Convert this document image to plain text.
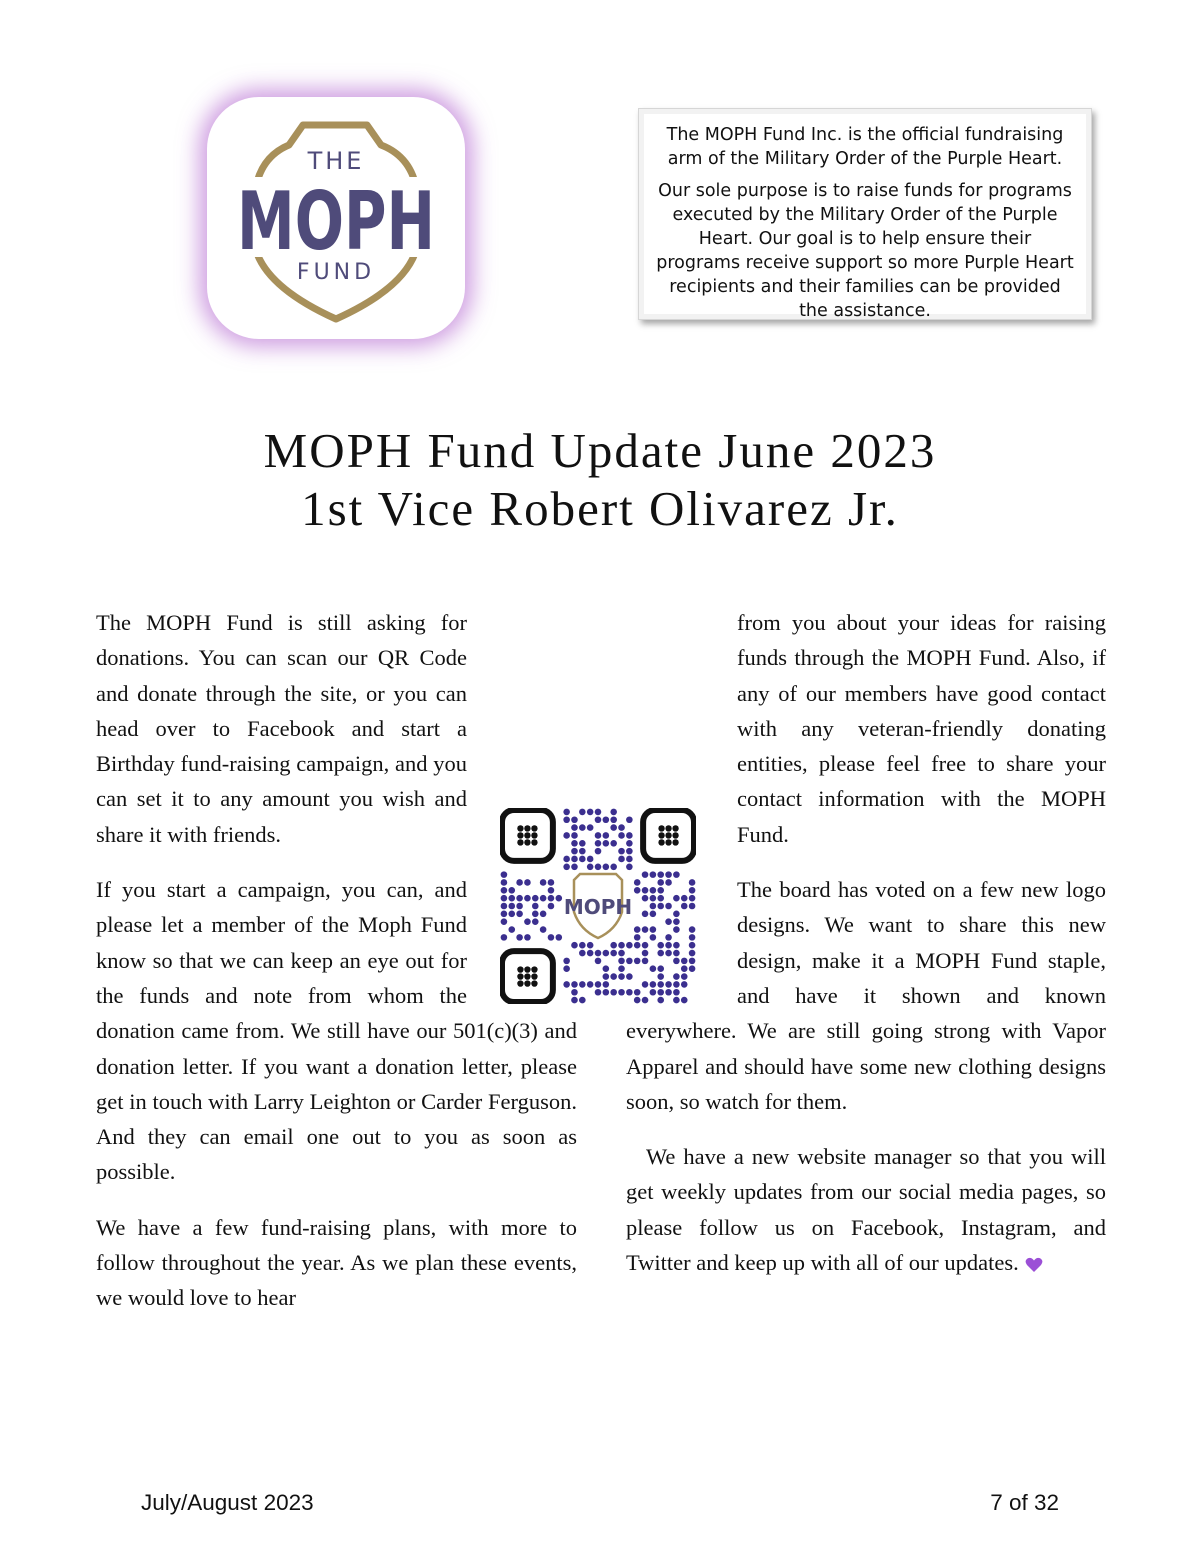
THE
MOPH
FUND

The MOPH Fund Inc. is the official fundraising arm of the Military Order of the Purple Heart.

Our sole purpose is to raise funds for programs executed by the Military Order of the Purple Heart. Our goal is to help ensure their programs receive support so more Purple Heart recipients and their families can be provided the assistance.

MOPH Fund Update June 2023
1st Vice Robert Olivarez Jr.

The MOPH Fund is still asking for donations. You can scan our QR Code and donate through the site, or you can head over to Facebook and start a Birthday fund-raising campaign, and you can set it to any amount you wish and share it with friends.

If you start a campaign, you can, and please let a member of the Moph Fund know so that we can keep an eye out for the funds and note from whom the donation came from. We still have our 501(c)(3) and donation letter. If you want a donation letter, please get in touch with Larry Leighton or Carder Ferguson. And they can email one out to you as soon as possible.

We have a few fund-raising plans, with more to follow throughout the year. As we plan these events, we would love to hear

from you about your ideas for raising funds through the MOPH Fund. Also, if any of our members have good contact with any veteran-friendly donating entities, please feel free to share your contact information with the MOPH Fund.

The board has voted on a few new logo designs. We want to share this new design, make it a MOPH Fund staple, and have it shown and known everywhere. We are still going strong with Vapor Apparel and should have some new clothing designs soon, so watch for them.

We have a new website manager so that you will get weekly updates from our social media pages, so please follow us on Facebook, Instagram, and Twitter and keep up with all of our updates.

MOPH
July/August 2023	7 of 32
